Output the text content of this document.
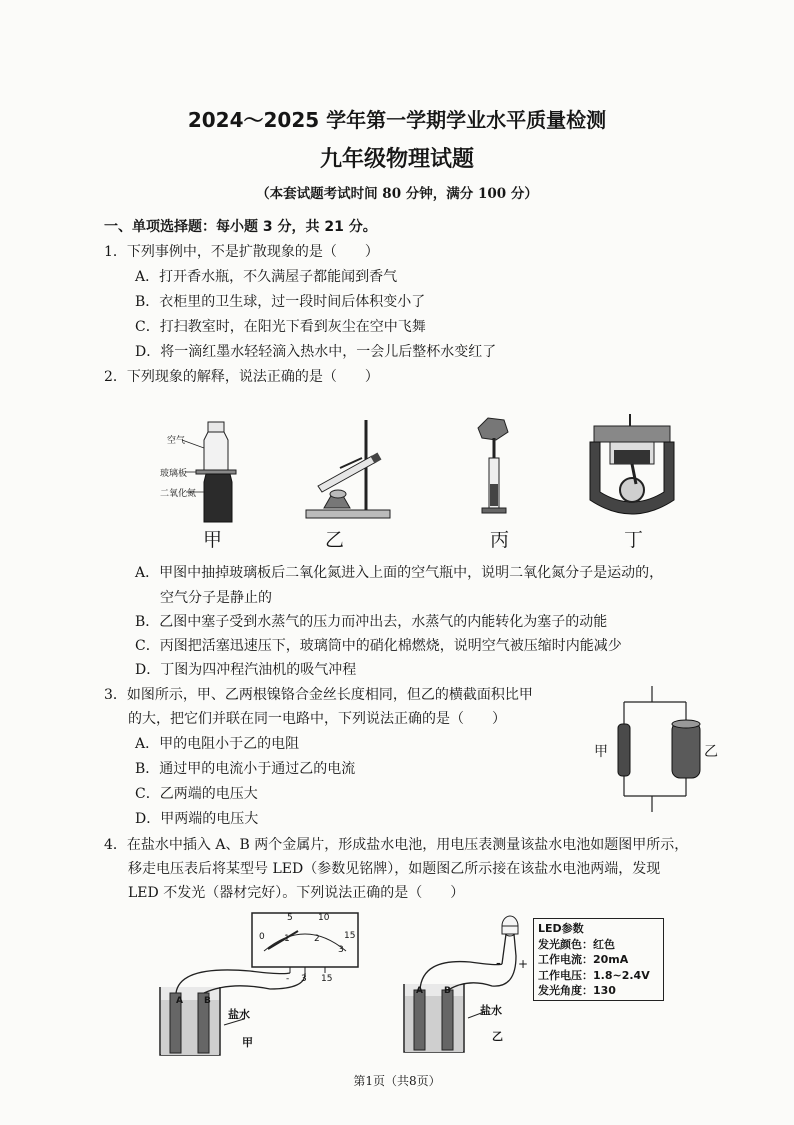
2024～2025 学年第一学期学业水平质量检测
九年级物理试题
（本套试题考试时间 80 分钟，满分 100 分）
一、单项选择题：每小题 3 分，共 21 分。
1．下列事例中，不是扩散现象的是（　　）
A．打开香水瓶，不久满屋子都能闻到香气
B．衣柜里的卫生球，过一段时间后体积变小了
C．打扫教室时，在阳光下看到灰尘在空中飞舞
D．将一滴红墨水轻轻滴入热水中，一会儿后整杯水变红了
2．下列现象的解释，说法正确的是（　　）
空气
玻璃板
二氧化氮
甲	乙	丙	丁
A．甲图中抽掉玻璃板后二氧化氮进入上面的空气瓶中，说明二氧化氮分子是运动的，
空气分子是静止的
B．乙图中塞子受到水蒸气的压力而冲出去，水蒸气的内能转化为塞子的动能
C．丙图把活塞迅速压下，玻璃筒中的硝化棉燃烧，说明空气被压缩时内能减少
D．丁图为四冲程汽油机的吸气冲程
3．如图所示，甲、乙两根镍铬合金丝长度相同，但乙的横截面积比甲
的大，把它们并联在同一电路中，下列说法正确的是（　　）
A．甲的电阻小于乙的电阻
B．通过甲的电流小于通过乙的电流
C．乙两端的电压大
D．甲两端的电压大
甲	乙
4．在盐水中插入 A、B 两个金属片，形成盐水电池，用电压表测量该盐水电池如题图甲所示，
移走电压表后将某型号 LED（参数见铭牌），如题图乙所示接在该盐水电池两端，发现
LED 不发光（器材完好）。下列说法正确的是（　　）
0
5	10
15
1	2
3
- 3 15
A B
盐水
甲
- +
A B
盐水
乙
LED参数
发光颜色：红色
工作电流：20mA
工作电压：1.8~2.4V
发光角度：130
第1页（共8页）
